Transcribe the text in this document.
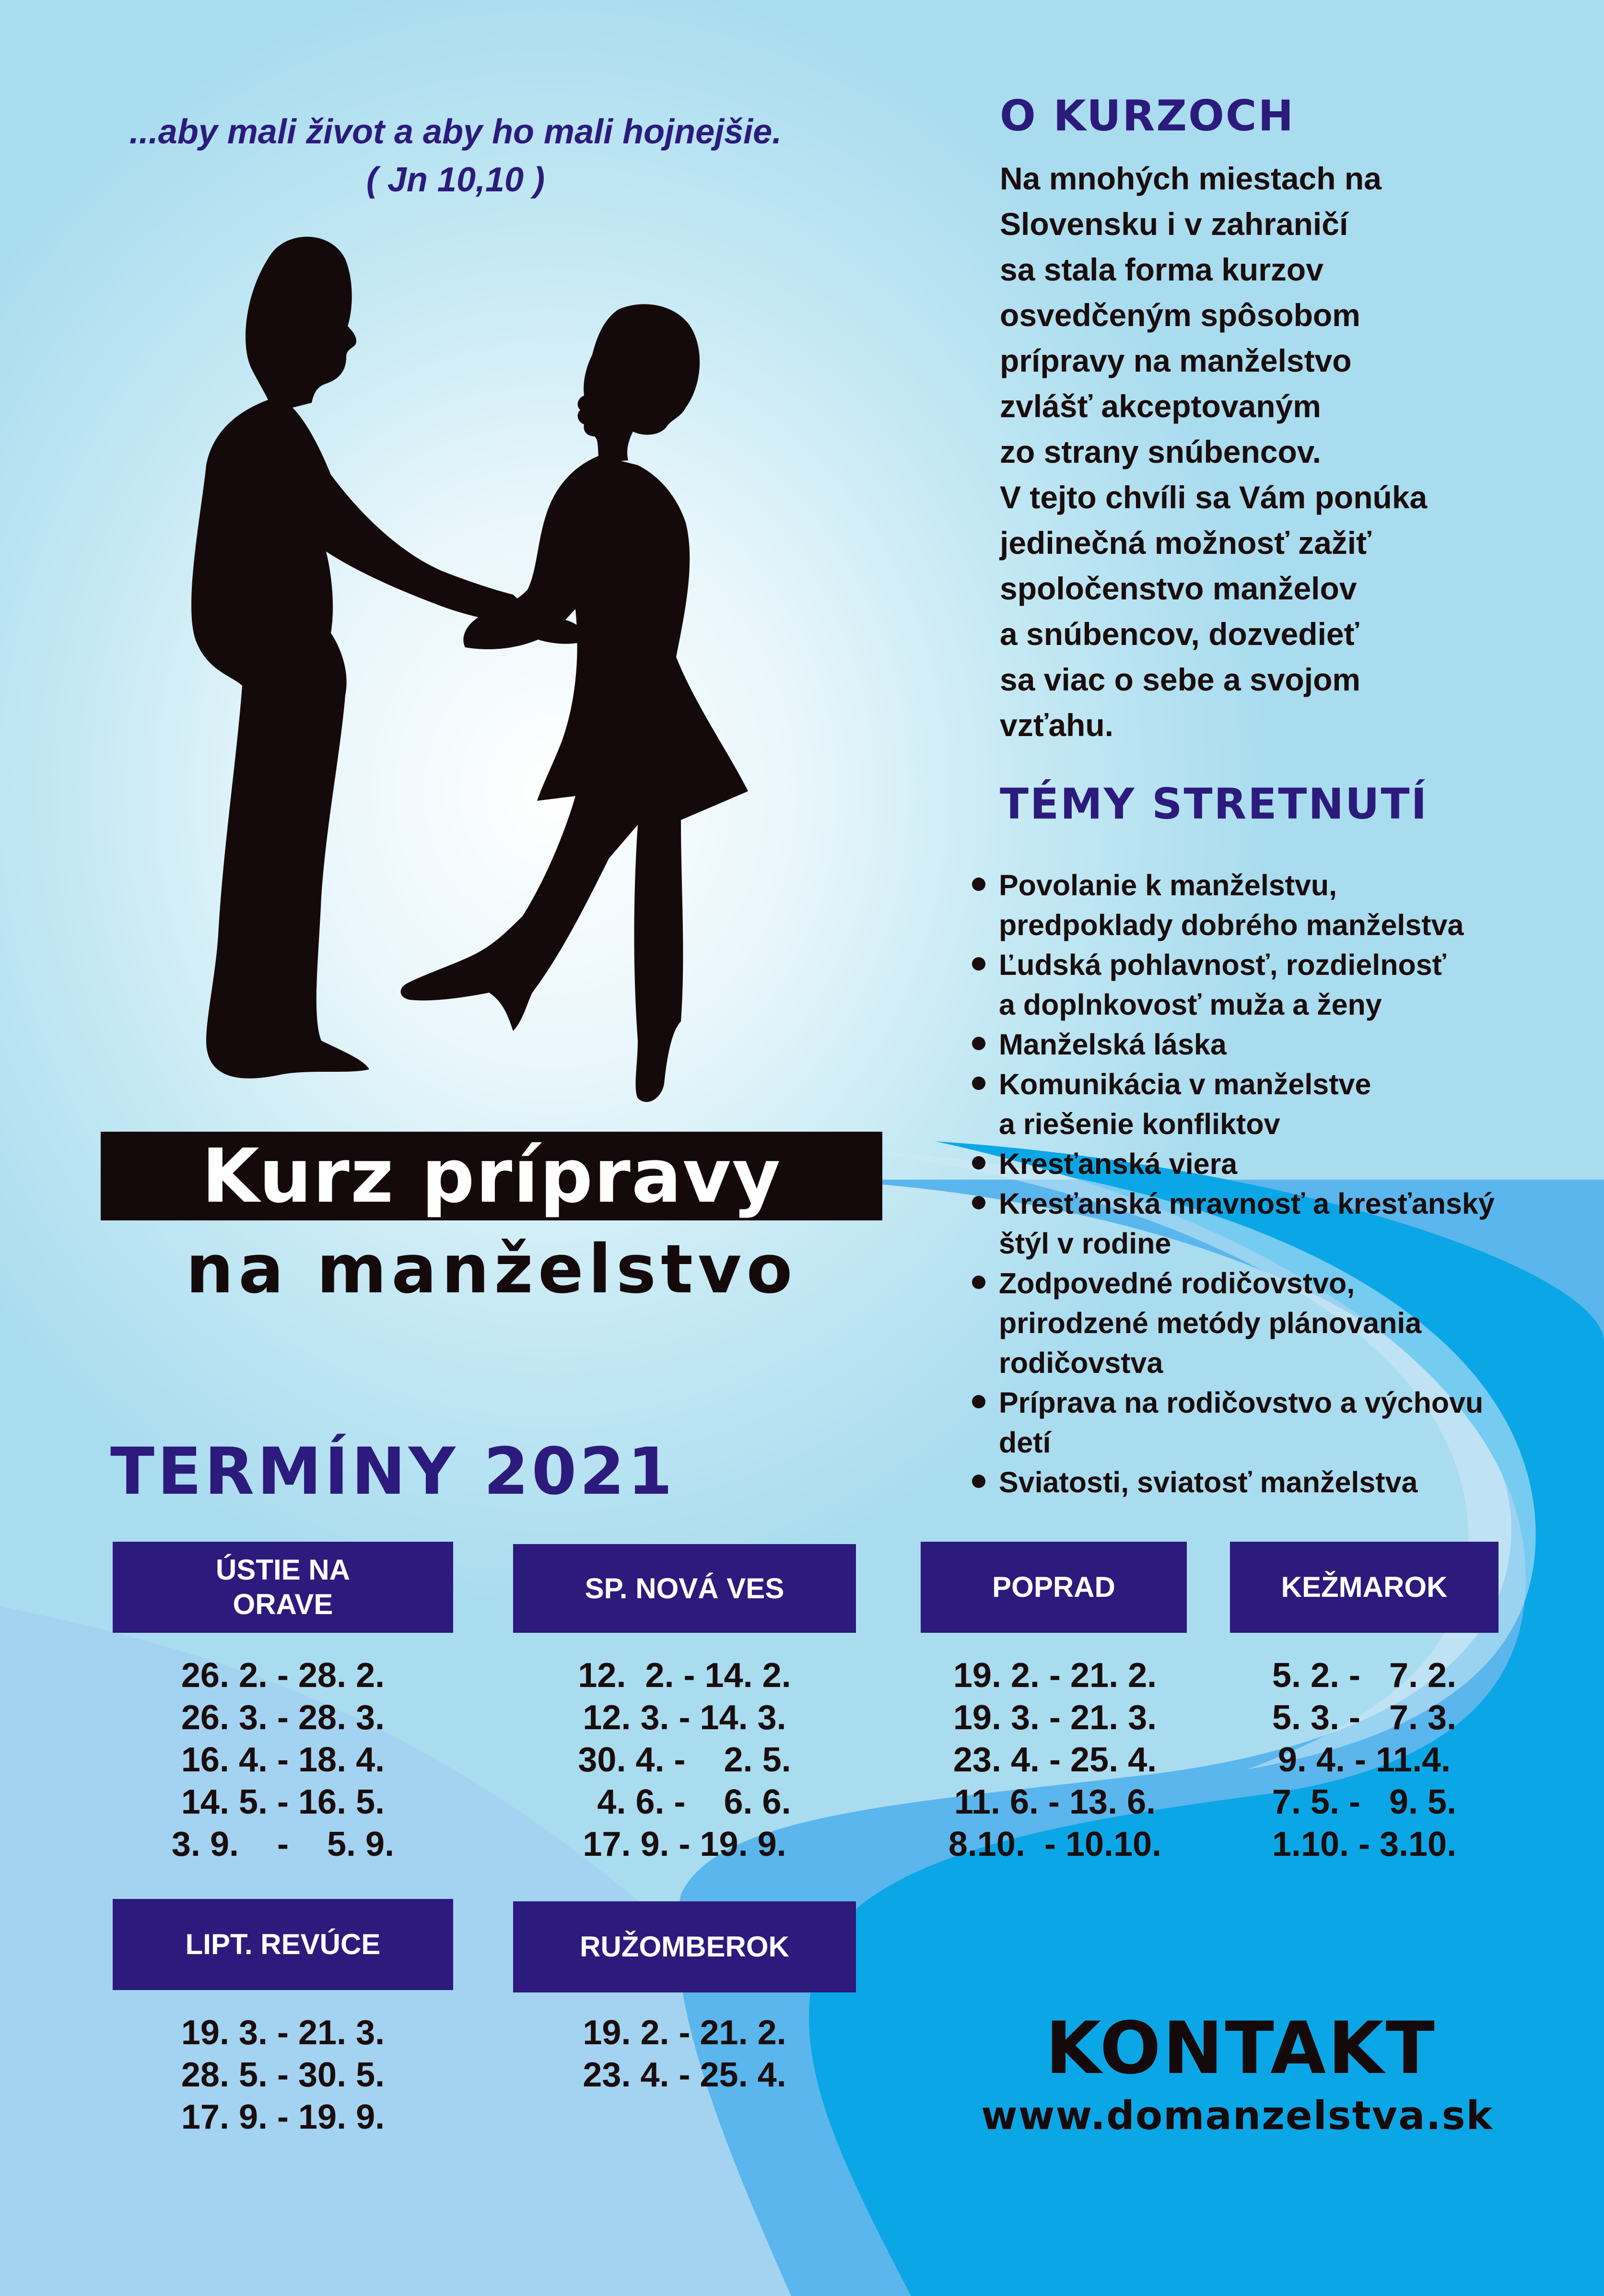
...aby mali život a aby ho mali hojnejšie.
( Jn 10,10 )
Kurz prípravy
na manželstvo
O KURZOCH
Na mnohých miestach na
Slovensku i v zahraničí
sa stala forma kurzov
osvedčeným spôsobom
prípravy na manželstvo
zvlášť akceptovaným
zo strany snúbencov.
V tejto chvíli sa Vám ponúka
jedinečná možnosť zažiť
spoločenstvo manželov
a snúbencov, dozvedieť
sa viac o sebe a svojom
vzťahu.
TÉMY STRETNUTÍ
Povolanie k manželstvu,
predpoklady dobrého manželstva
Ľudská pohlavnosť, rozdielnosť
a doplnkovosť muža a ženy
Manželská láska
Komunikácia v manželstve
a riešenie konfliktov
Kresťanská viera
Kresťanská mravnosť a kresťanský
štýl v rodine
Zodpovedné rodičovstvo,
prirodzené metódy plánovania
rodičovstva
Príprava na rodičovstvo a výchovu
detí
Sviatosti, sviatosť manželstva
TERMÍNY 2021
ÚSTIE NA
ORAVE
26. 2. - 28. 2.
26. 3. - 28. 3.
16. 4. - 18. 4.
14. 5. - 16. 5.
3. 9.    -    5. 9.
SP. NOVÁ VES
12.  2. - 14. 2.
12. 3. - 14. 3.
30. 4. -    2. 5.
4. 6. -    6. 6.
17. 9. - 19. 9.
POPRAD
19. 2. - 21. 2.
19. 3. - 21. 3.
23. 4. - 25. 4.
11. 6. - 13. 6.
8.10.  - 10.10.
KEŽMAROK
5. 2. -   7. 2.
5. 3. -   7. 3.
9. 4. - 11.4.
7. 5. -   9. 5.
1.10. - 3.10.
LIPT. REVÚCE
19. 3. - 21. 3.
28. 5. - 30. 5.
17. 9. - 19. 9.
RUŽOMBEROK
19. 2. - 21. 2.
23. 4. - 25. 4.	KONTAKT
www.domanzelstva.sk
